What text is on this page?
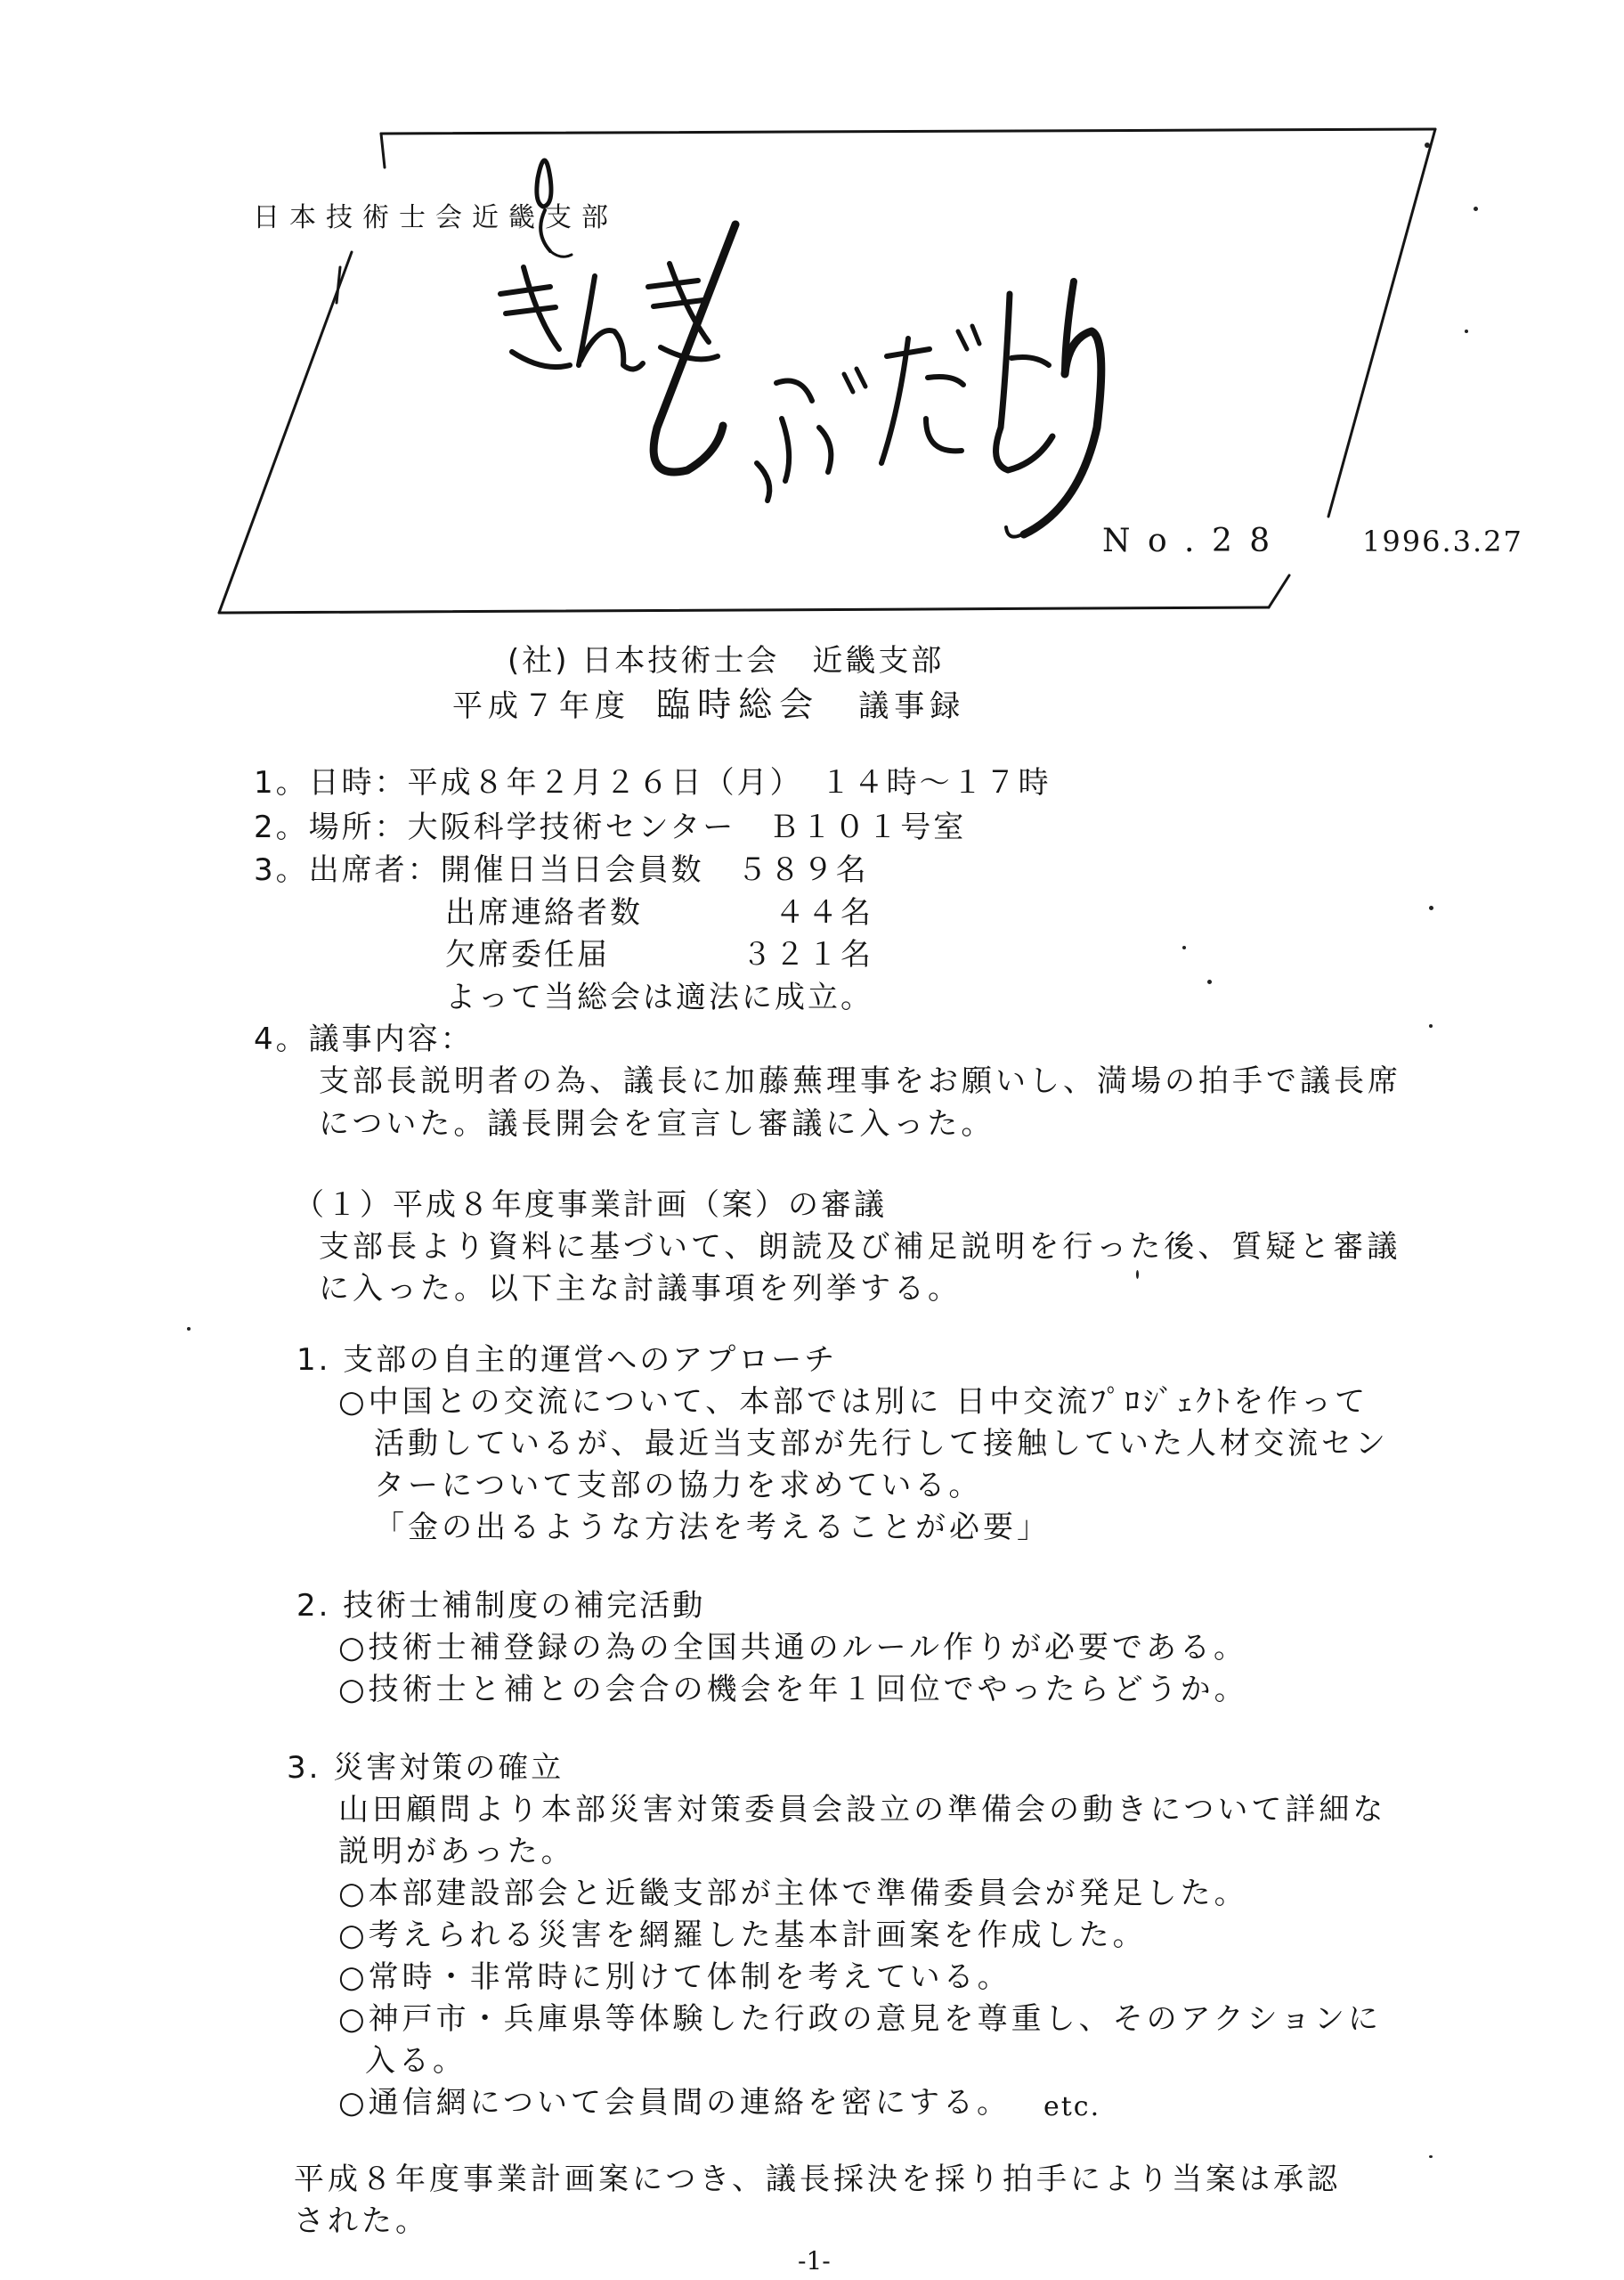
日本技術士会近畿支部
N o . 2 8	1996.3.27
(社) 日本技術士会　近畿支部
平成７年度 臨時総会 議事録
1。日時：平成８年２月２６日（月）　１４時～１７時
2。場所：大阪科学技術センター　Ｂ１０１号室
3。出席者：開催日当日会員数　５８９名
出席連絡者数　　　　４４名
欠席委任届　　　　３２１名
よって当総会は適法に成立。
4。議事内容：
支部長説明者の為、議長に加藤蕪理事をお願いし、満場の拍手で議長席
についた。議長開会を宣言し審議に入った。
（１）平成８年度事業計画（案）の審議
支部長より資料に基づいて、朗読及び補足説明を行った後、質疑と審議
に入った。以下主な討議事項を列挙する。
1. 支部の自主的運営へのアプローチ
○中国との交流について、本部では別に 日中交流ﾌﾟﾛｼﾞｪｸﾄを作って
活動しているが、最近当支部が先行して接触していた人材交流セン
ターについて支部の協力を求めている。
「金の出るような方法を考えることが必要」
2. 技術士補制度の補完活動
○技術士補登録の為の全国共通のルール作りが必要である。
○技術士と補との会合の機会を年１回位でやったらどうか。
3. 災害対策の確立
山田顧問より本部災害対策委員会設立の準備会の動きについて詳細な
説明があった。
○本部建設部会と近畿支部が主体で準備委員会が発足した。
○考えられる災害を網羅した基本計画案を作成した。
○常時・非常時に別けて体制を考えている。
○神戸市・兵庫県等体験した行政の意見を尊重し、そのアクションに
入る。
○通信網について会員間の連絡を密にする。 etc.
平成８年度事業計画案につき、議長採決を採り拍手により当案は承認
された。
-1-
